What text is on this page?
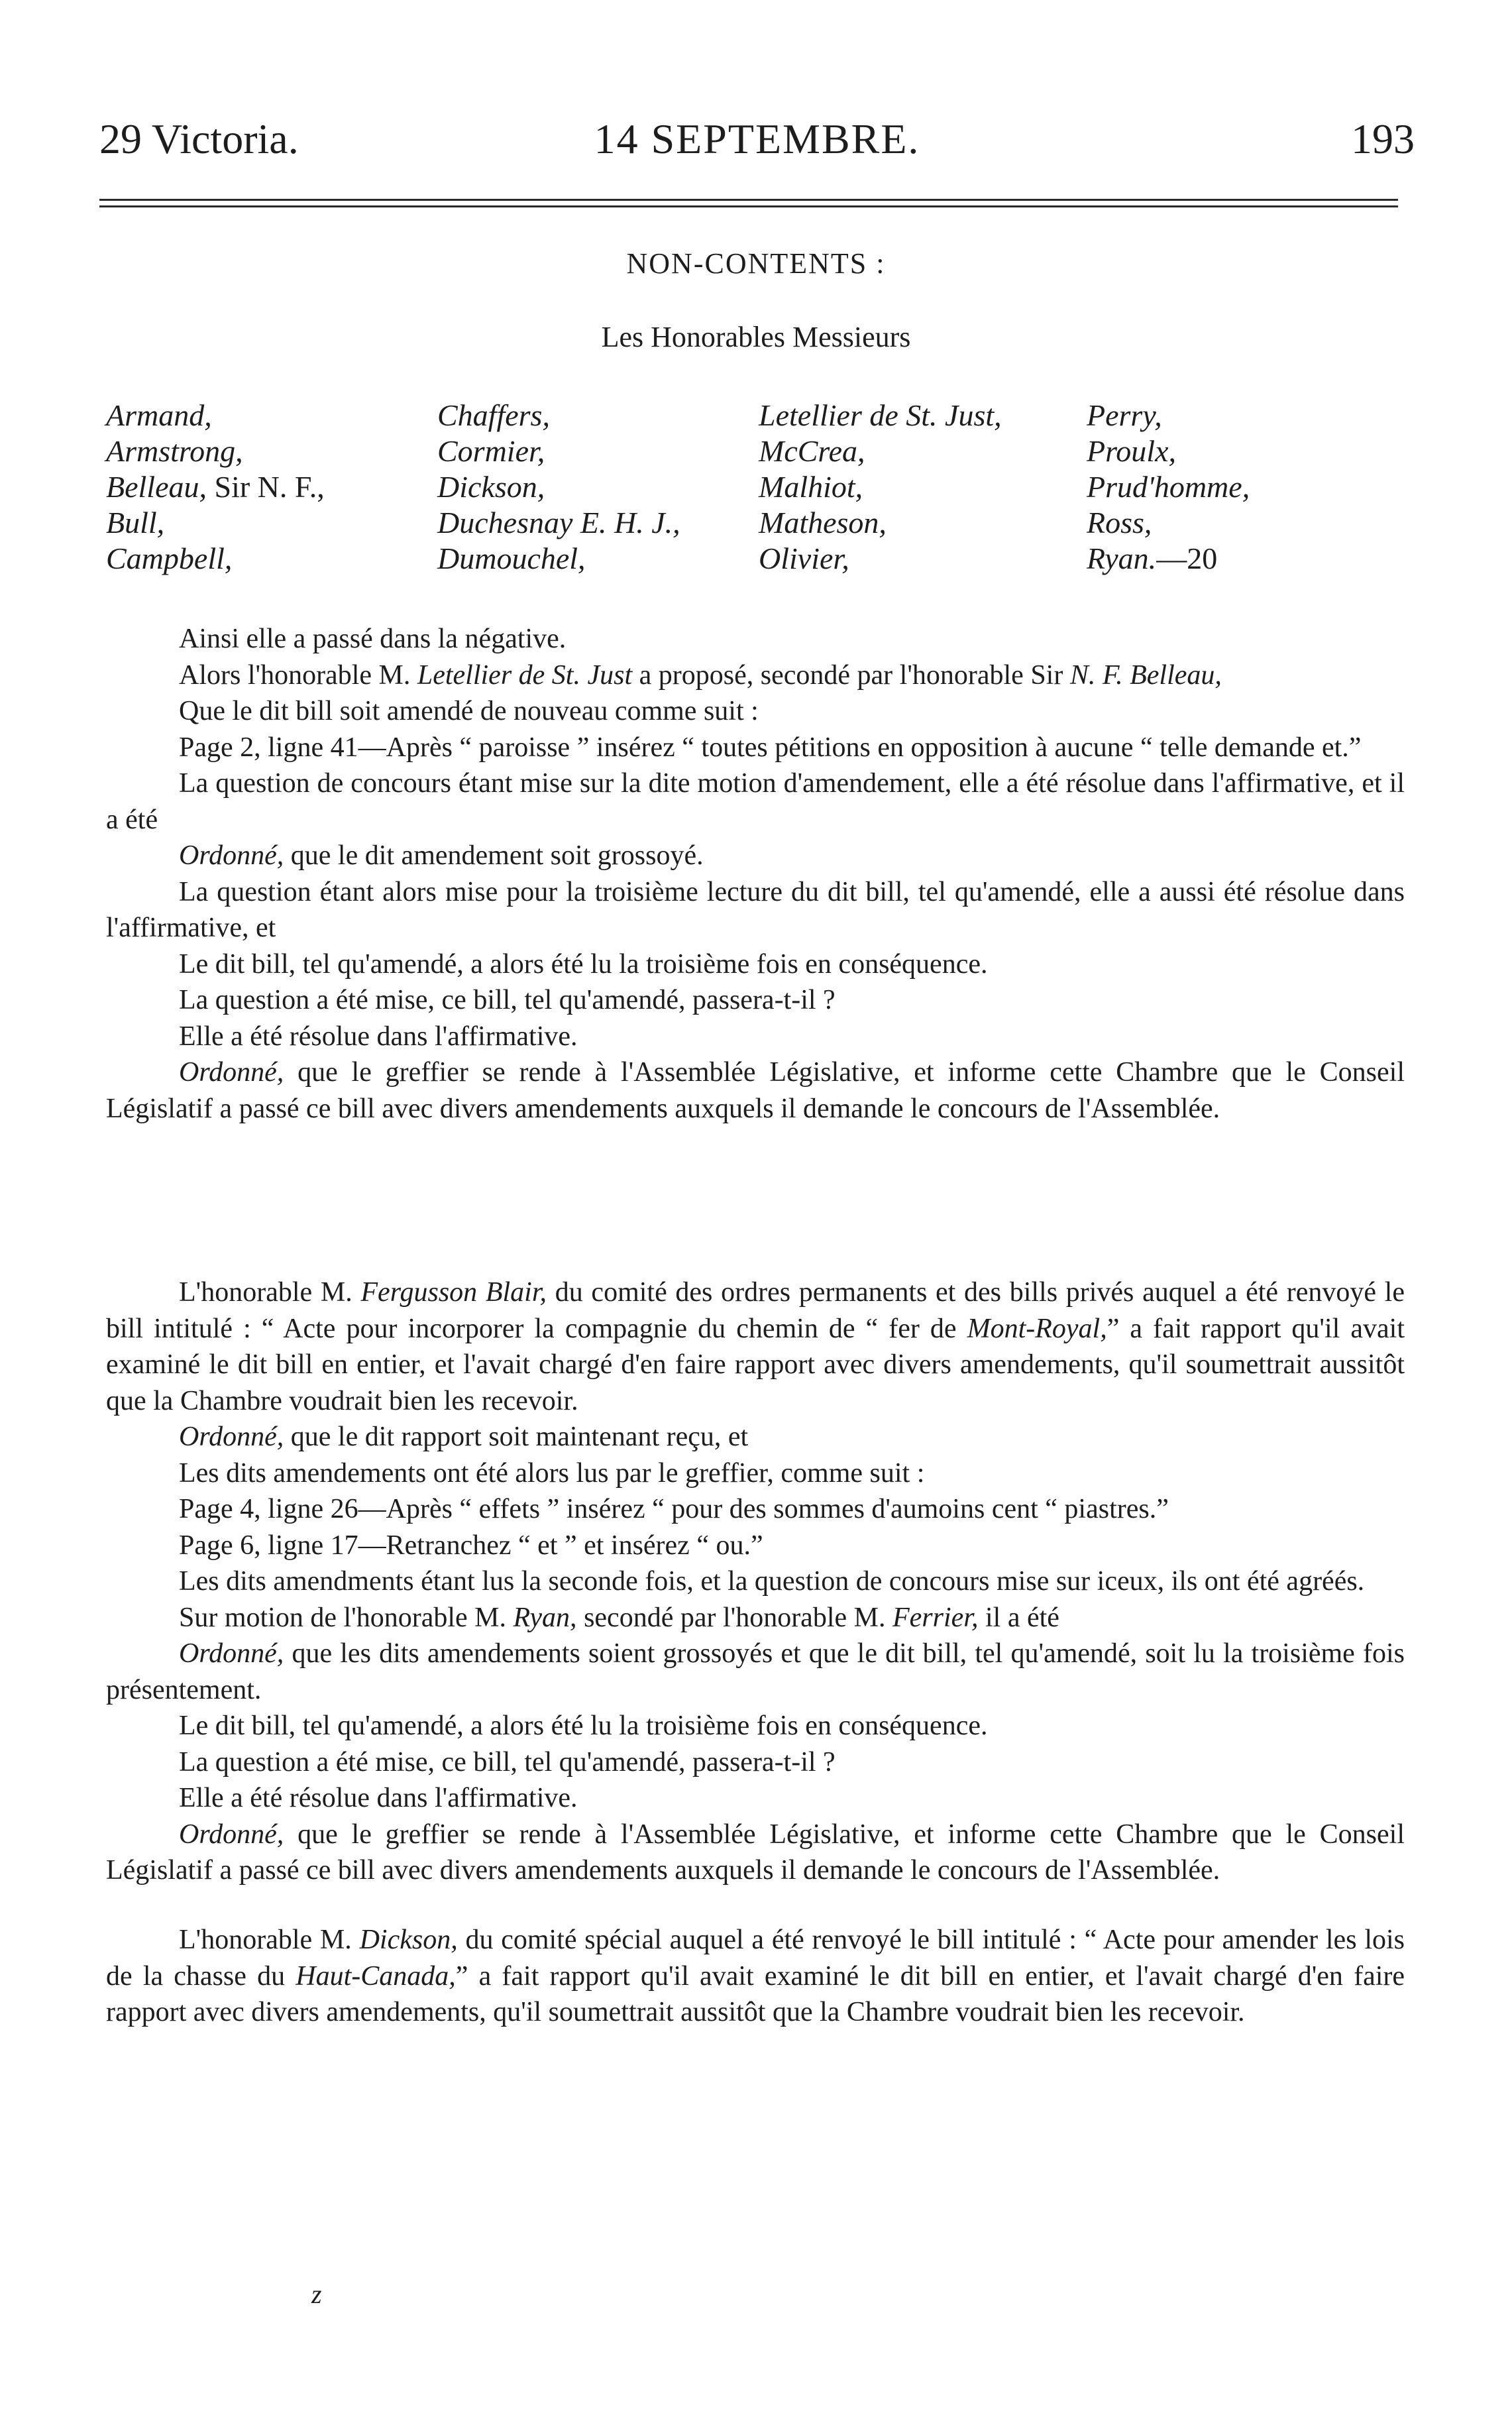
29 Victoria.	14 SEPTEMBRE.	193
NON-CONTENTS :
Les Honorables Messieurs
Armand,
Armstrong,
Belleau, Sir N. F.,
Bull,
Campbell,
Chaffers,
Cormier,
Dickson,
Duchesnay E. H. J.,
Dumouchel,
Letellier de St. Just,
McCrea,
Malhiot,
Matheson,
Olivier,
Perry,
Proulx,
Prud'homme,
Ross,
Ryan.—20

Ainsi elle a passé dans la négative.

Alors l'honorable M. Letellier de St. Just a proposé, secondé par l'honorable Sir N. F. Belleau,

Que le dit bill soit amendé de nouveau comme suit :

Page 2, ligne 41—Après “ paroisse ” insérez “ toutes pétitions en opposition à aucune “ telle demande et.”

La question de concours étant mise sur la dite motion d'amendement, elle a été résolue dans l'affirmative, et il a été

Ordonné, que le dit amendement soit grossoyé.

La question étant alors mise pour la troisième lecture du dit bill, tel qu'amendé, elle a aussi été résolue dans l'affirmative, et

Le dit bill, tel qu'amendé, a alors été lu la troisième fois en conséquence.

La question a été mise, ce bill, tel qu'amendé, passera-t-il ?

Elle a été résolue dans l'affirmative.

Ordonné, que le greffier se rende à l'Assemblée Législative, et informe cette Chambre que le Conseil Législatif a passé ce bill avec divers amendements auxquels il demande le concours de l'Assemblée.

L'honorable M. Fergusson Blair, du comité des ordres permanents et des bills privés auquel a été renvoyé le bill intitulé : “ Acte pour incorporer la compagnie du chemin de “ fer de Mont-Royal,” a fait rapport qu'il avait examiné le dit bill en entier, et l'avait chargé d'en faire rapport avec divers amendements, qu'il soumettrait aussitôt que la Chambre voudrait bien les recevoir.

Ordonné, que le dit rapport soit maintenant reçu, et

Les dits amendements ont été alors lus par le greffier, comme suit :

Page 4, ligne 26—Après “ effets ” insérez “ pour des sommes d'aumoins cent “ piastres.”

Page 6, ligne 17—Retranchez “ et ” et insérez “ ou.”

Les dits amendments étant lus la seconde fois, et la question de concours mise sur iceux, ils ont été agréés.

Sur motion de l'honorable M. Ryan, secondé par l'honorable M. Ferrier, il a été

Ordonné, que les dits amendements soient grossoyés et que le dit bill, tel qu'amendé, soit lu la troisième fois présentement.

Le dit bill, tel qu'amendé, a alors été lu la troisième fois en conséquence.

La question a été mise, ce bill, tel qu'amendé, passera-t-il ?

Elle a été résolue dans l'affirmative.

Ordonné, que le greffier se rende à l'Assemblée Législative, et informe cette Chambre que le Conseil Législatif a passé ce bill avec divers amendements auxquels il demande le concours de l'Assemblée.

L'honorable M. Dickson, du comité spécial auquel a été renvoyé le bill intitulé : “ Acte pour amender les lois de la chasse du Haut-Canada,” a fait rapport qu'il avait examiné le dit bill en entier, et l'avait chargé d'en faire rapport avec divers amendements, qu'il soumettrait aussitôt que la Chambre voudrait bien les recevoir.

z
